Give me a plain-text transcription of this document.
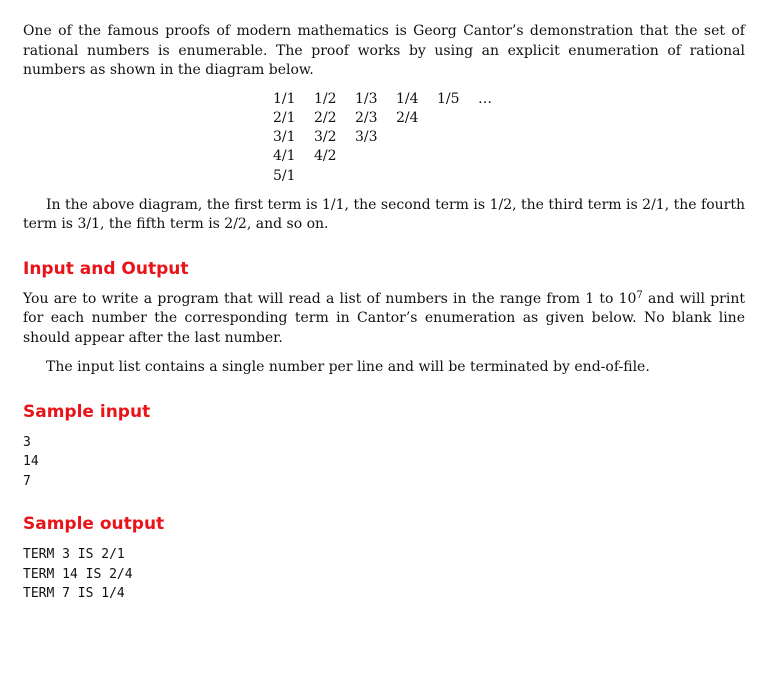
One of the famous proofs of modern mathematics is Georg Cantor’s demonstration that the set of rational numbers is enumerable. The proof works by using an explicit enumeration of rational numbers as shown in the diagram below.

1/1	1/2	1/3	1/4	1/5	…
2/1	2/2	2/3	2/4
3/1	3/2	3/3
4/1	4/2
5/1

In the above diagram, the first term is 1/1, the second term is 1/2, the third term is 2/1, the fourth term is 3/1, the fifth term is 2/2, and so on.

Input and Output

You are to write a program that will read a list of numbers in the range from 1 to $10^7$ and will print for each number the corresponding term in Cantor’s enumeration as given below. No blank line should appear after the last number.

The input list contains a single number per line and will be terminated by end-of-file.

Sample input
3
14
7
Sample output
TERM 3 IS 2/1
TERM 14 IS 2/4
TERM 7 IS 1/4
